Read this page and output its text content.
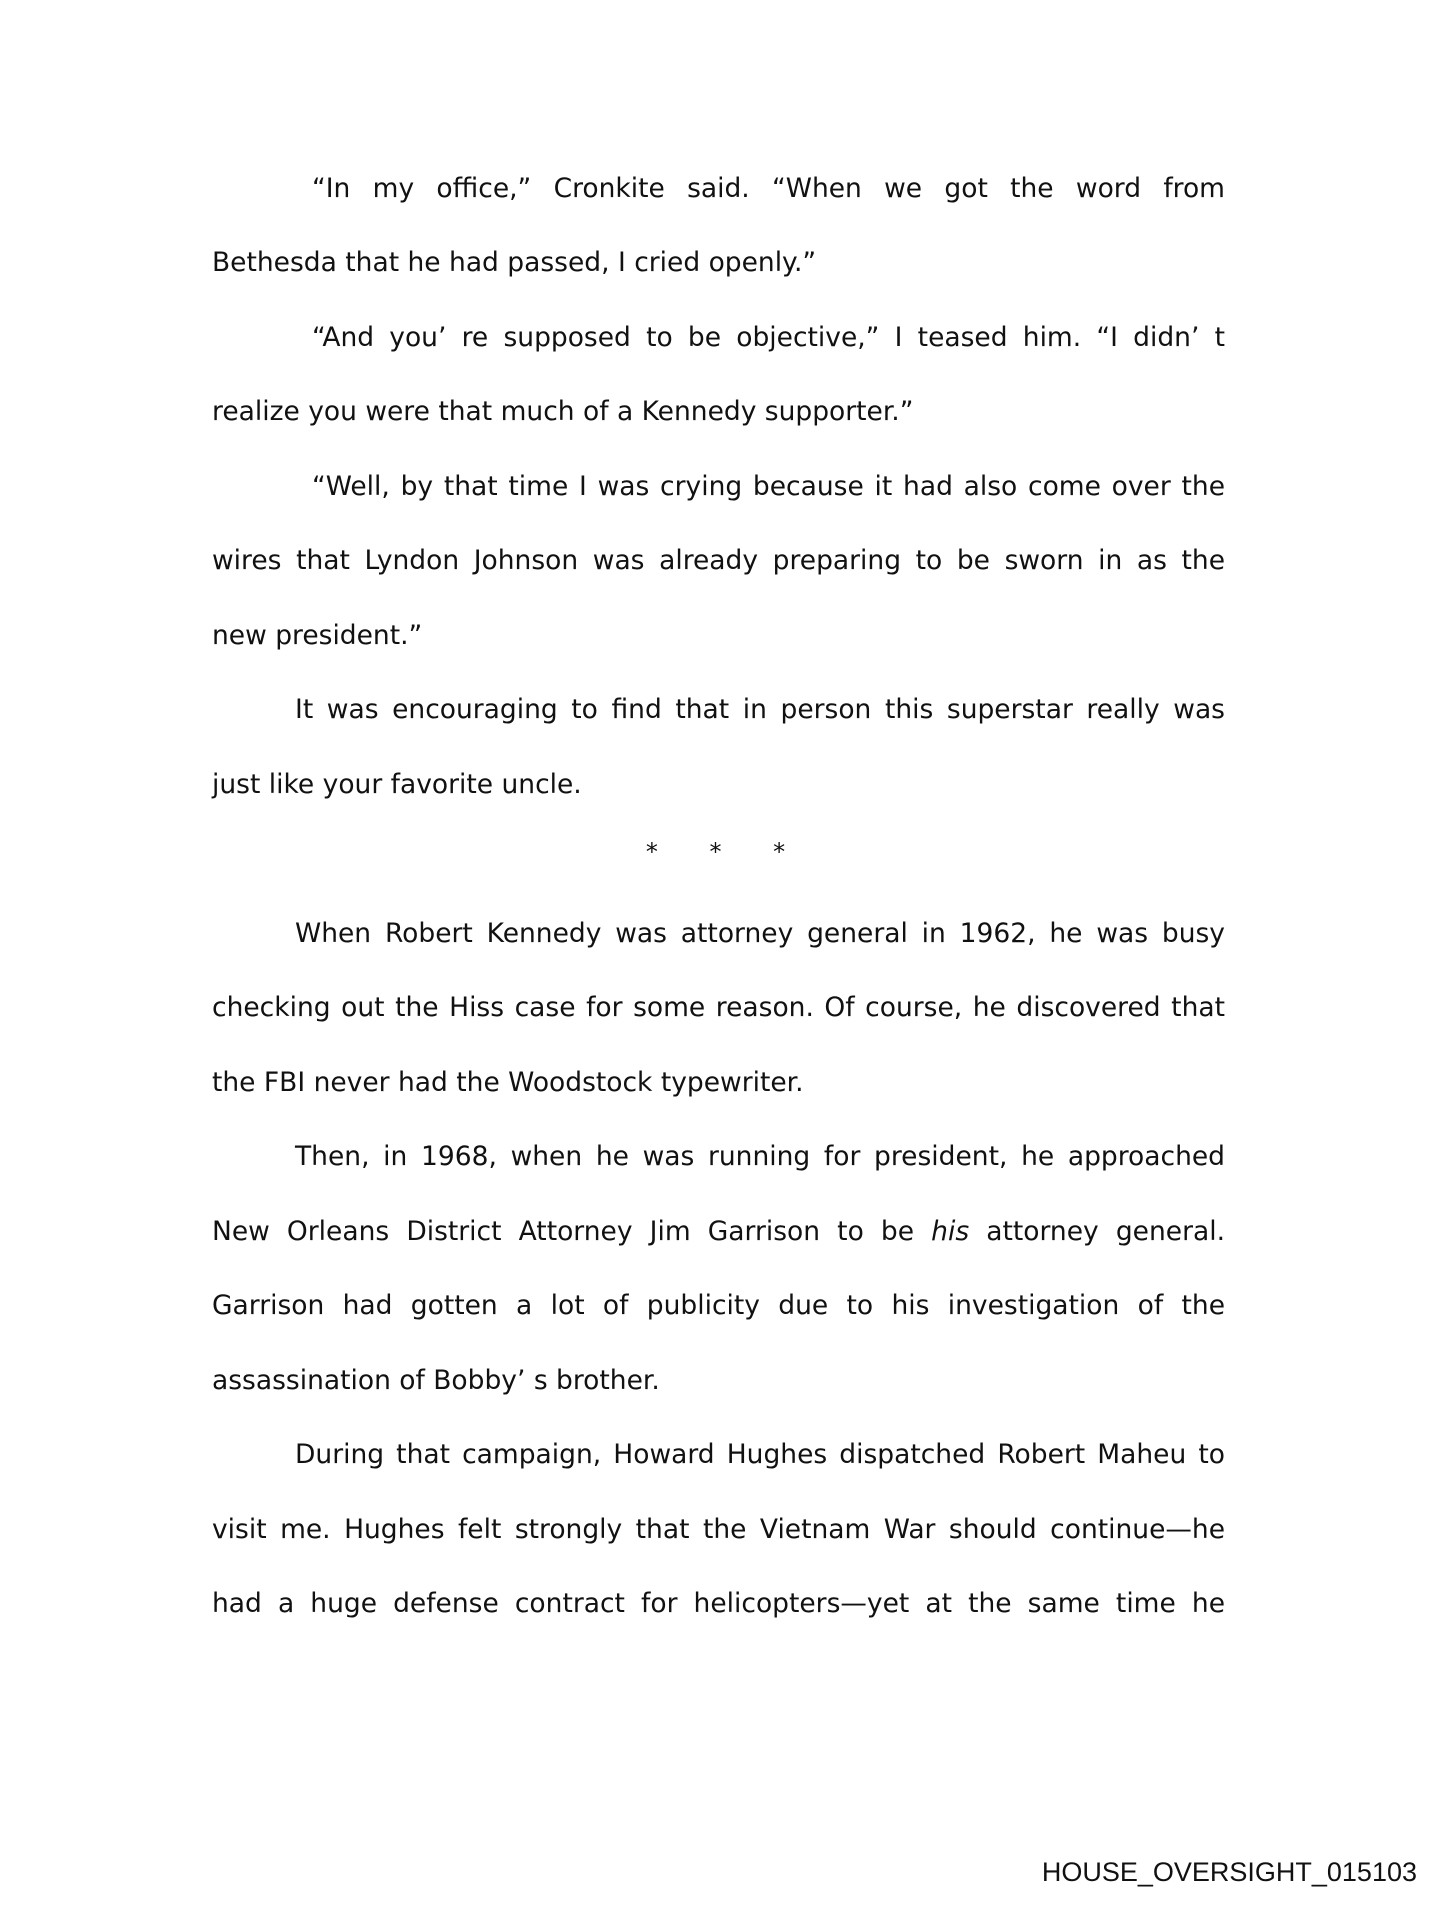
“In my office,” Cronkite said. “When we got the word from
Bethesda that he had passed, I cried openly.”
“And you’ re supposed to be objective,” I teased him. “I didn’ t
realize you were that much of a Kennedy supporter.”
“Well, by that time I was crying because it had also come over the
wires that Lyndon Johnson was already preparing to be sworn in as the
new president.”
It was encouraging to find that in person this superstar really was
just like your favorite uncle.
* * *
When Robert Kennedy was attorney general in 1962, he was busy
checking out the Hiss case for some reason. Of course, he discovered that
the FBI never had the Woodstock typewriter.
Then, in 1968, when he was running for president, he approached
New Orleans District Attorney Jim Garrison to be his attorney general.
Garrison had gotten a lot of publicity due to his investigation of the
assassination of Bobby’ s brother.
During that campaign, Howard Hughes dispatched Robert Maheu to
visit me. Hughes felt strongly that the Vietnam War should continue—he
had a huge defense contract for helicopters—yet at the same time he
HOUSE_OVERSIGHT_015103
